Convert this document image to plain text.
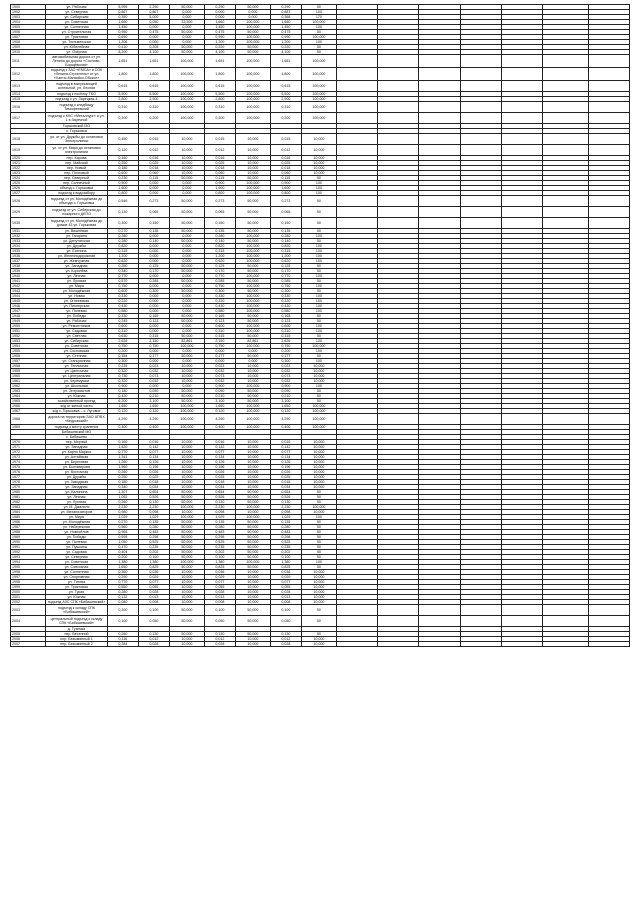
1900	ул. Рабочая	5,999	2,290	50,000	0,290	50,000	0,290	50							
1902	ул. Северная	0,867	0,867	0,000	0,000	0,000	0,887	100							
1903	ул. Сибирская	0,350	5,000	0,000	0,000	0,000	0,368	170							
1904	ул. Советская	1,660	0,050	33,300	1,660	100,000	1,660	100,000							
1905	ул. Солнечная	1,450	0,000	0,000	1,450	100,000	1,450	100							
1906	ул. Строительная	0,950	0,475	50,000	0,475	50,000	0,475	50							
1907	ул. Трактовая	0,690	0,000	0,000	0,990	100,000	0,990	100,000							
1908	ул. Тюльменская	1,206	0,000	0,000	1,200	100,000	1,200	100							
1909	ул. Юбилейная	0,410	0,205	50,000	0,220	50,000	0,220	50							
1910	ул. Озёрная	8,200	4,100	50,000	4,100	50,000	4,100	50							
1911	автомобильная дорога от ул. Ленина до дороги «Сосново-Борщёвская»	1,651	1,651	100,000	1,651	100,000	1,651	100,000							
1912	подъезд к ЗАО «ЕМСА» и СОК «Ленина-Строитель» от ул. «Ханты-Мансийск-Обское»	1,800	1,800	100,000	1,800	100,000	1,800	100,000							
1913	подъезд в выпускающей котельной, ул. Лесная	0,615	0,615	100,000	0,615	100,000	0,615	100,000							
1914	подъезд к посёлку ТБО	5,500	5,500	100,000	5,500	100,000	5,500	100,000							
1915	подъезд к ул. Зарецкая-4	2,800	2,900	100,000	2,800	100,000	2,900	100,000							
1916	подъезд к кладбищу Тимофеевский	0,310	0,310	100,000	0,310	100,000	0,310	100,000							
1917	подъезд к КНС «Металлург» и ул. 1 в Заречной	0,200	0,200	100,000	0,200	100,000	0,200	100,000							
	Горьковский МО														
	с. Горьковка														
1918	ул. от ул. Дружбы до остановки Электролинии	0,450	0,015	10,000	0,015	10,000	0,015	10,000							
1919	ул. от ул. Мира до остановки электролинии	0,120	0,012	10,000	0,012	10,000	0,012	10,000							
1920	пер. Кирова	0,160	0,016	10,000	0,016	10,000	0,016	10,000							
1921	пер. Майский	0,250	0,025	10,000	0,025	10,000	0,025	10,000							
1922	пер. Новый	0,180	0,018	10,000	0,018	10,000	0,018	10,000							
1923	пер. Почтовый	0,600	0,060	10,000	0,060	10,000	0,060	10,000							
1924	пер. Северный	0,230	0,115	50,000	0,115	50,000	0,115	50							
1925	пер. Солнечный	0,900	0,000	0,000	0,900	100,000	0,900	100							
1926	объезд с. Горьковка	1,600	0,000	0,000	1,600	100,000	1,600	100							
1927	подъезд к водозабору	0,800	0,000	0,000	0,800	100,000	0,800	100							
1928	подъезд от ул. Молодёжная до объезда с. Горьковка	0,546	0,273	50,000	0,273	50,000	0,273	50							
1929	подъезд от ул. Сибирская до пожарного ДЕПО	0,130	0,065	50,000	0,065	50,000	0,065	50							
1930	подъезд от ул. Молодёжная до домов 43 ул. Горьковая	0,300	0,150	50,000	0,150	50,000	0,150	50							
1931	ул. Вишнёвая	0,270	0,135	50,000	0,135	50,000	0,135	50							
1932	ул. Гагарина	0,280	0,000	0,000	0,280	100,000	0,280	100							
1933	ул. Депутатская	0,280	0,140	50,000	0,140	50,000	0,140	50							
1934	ул. Дружбы	0,820	0,000	0,000	0,820	100,000	0,820	100							
1935	ул. Есенина	0,315	0,000	0,000	0,315	100,000	0,315	100							
1936	ул. Железнодорожная	1,200	0,000	0,000	1,200	100,000	1,200	100							
1937	ул. Жемчужная	0,620	0,000	0,000	0,620	100,000	0,620	100							
1938	ул. Западная	0,250	0,125	50,000	0,125	50,000	0,125	50							
1939	ул. Королёва	0,340	0,170	50,000	0,170	50,000	0,170	50							
1940	ул. Лесная	0,770	0,000	0,000	0,770	100,000	0,770	100							
1941	ул. Луговая	0,570	0,285	50,000	0,285	50,000	0,285	50							
1942	ул. Мира	0,750	0,000	0,000	0,750	100,000	0,750	100							
1943	ул. Молодёжная	0,600	0,300	50,000	0,300	50,000	0,300	50							
1944	ул. Новая	0,330	0,000	0,000	0,330	100,000	0,330	100							
1945	ул. Огнеевская	0,220	0,000	0,000	0,220	100,000	0,220	100							
1946	ул. Пионерская	0,430	0,000	0,000	0,430	100,000	0,430	100							
1947	ул. Полевая	0,580	0,000	0,000	0,580	100,000	0,580	100							
1948	ул. Победы	0,330	0,165	50,000	0,165	50,000	0,165	50							
1949	ул. Рабочая	0,245	0,123	50,000	0,123	50,000	0,123	50							
1950	ул. Ремонтников	0,600	0,000	0,000	0,600	100,000	0,600	100							
1951	ул. Садовая	0,310	0,000	0,000	0,310	100,000	0,310	100							
1952	ул. Светлая	0,630	0,315	50,000	0,315	50,000	0,315	50							
1953	ул. Сибирская	2,626	2,150	82,861	2,150	82,861	2,626	100							
1954	ул. Советская	0,750	0,750	100,000	0,750	100,000	0,750	100,000							
1955	ул. Сосновская	0,200	0,000	0,000	0,000	0,000	0,200	100							
1956	ул. Степная	0,354	0,177	50,000	0,177	50,000	0,177	50							
1957	ул. Станционная	0,300	0,000	0,000	0,000	0,000	0,300	100							
1958	ул. Тепличная	0,225	0,023	10,000	0,023	10,000	0,023	10,000							
1959	ул. Цветочная	0,320	0,032	10,000	0,032	10,000	0,032	10,000							
1960	ул. Центральная	0,730	0,073	10,000	0,073	10,000	0,073	10,000							
1961	ул. Черёмушки	0,320	0,032	10,000	0,032	10,000	0,032	10,000							
1962	ул. Школьная	0,900	0,000	0,000	0,900	100,000	0,900	100							
1963	ул. Энтузиастов	0,180	0,090	50,000	0,090	50,000	0,090	50							
1964	ул. Южная	0,420	0,210	50,000	0,210	50,000	0,210	50							
1965	хозяйственный проезд	6,200	3,100	50,000	3,100	50,000	3,100	50							
1966	ж/д от жилой части	1,650	1,650	100,000	1,650	100,000	1,650	100,000							
1967	ж/д с. Горьковка – с. Луговое	0,120	0,120	100,000	0,120	100,000	0,120	100,000							
1968	дорога на территорию ЗАО АПФХ «Кедровский»	4,290	4,290	100,000	4,290	100,000	4,290	100,000							
1969	подъезд к месту хранения	0,400	0,400	100,000	0,400	100,000	0,400	100,000							
	Бибишевский МО														
	с. Бибишево														
1970	пер. Мирный	0,160	0,016	10,000	0,016	10,000	0,016	10,000							
1971	ул. Западная	1,420	0,142	10,000	0,142	10,000	0,142	10,000							
1972	ул. Карла Маркса	0,770	0,077	10,000	0,077	10,000	0,077	10,000							
1973	ул. Алтайская	1,341	0,134	10,000	0,134	10,000	0,134	10,000							
1974	ул. Береговая	1,260	0,126	10,000	0,126	10,000	0,126	10,000							
1975	ул. Бытимирова	1,960	0,196	10,000	0,196	10,000	0,196	10,000							
1976	ул. Восточная	0,260	0,026	10,000	0,026	10,000	0,026	10,000							
1977	ул. Дружбы	0,250	0,025	10,000	0,025	10,000	0,025	10,000							
1978	ул. Заводская	0,180	0,018	10,000	0,018	10,000	0,018	10,000							
1979	ул. Западная	0,340	0,034	10,000	0,034	10,000	0,034	10,000							
1980	ул. Калинина	1,307	0,654	50,000	0,654	50,000	0,654	50							
1981	ул. Лесная	1,052	0,526	50,000	0,526	50,000	0,526	50							
1982	ул. Луговая	0,260	0,130	50,000	0,130	50,000	0,130	50							
1983	ул. М. Джалиля	2,230	2,230	100,000	2,230	100,000	2,230	100,000							
1984	ул. Механизаторов	0,980	0,098	10,000	0,098	10,000	0,098	10,000							
1985	ул. Мира	1,029	1,029	100,000	1,029	100,000	1,029	100							
1986	ул. Молодёжная	0,270	0,135	50,000	0,135	50,000	0,135	50							
1987	ул. Набережная	0,560	0,280	50,000	0,280	50,000	0,280	50							
1988	ул. Новосёлов	0,965	0,483	50,000	0,483	50,000	0,483	50							
1989	ул. Победы	0,595	0,298	50,000	0,298	50,000	0,298	50							
1990	ул. Полевая	1,050	0,525	50,000	0,525	50,000	0,525	50							
1991	ул. Пушкина	0,470	0,235	50,000	0,235	50,000	0,235	50							
1992	ул. Садовая	0,404	0,202	50,000	0,202	50,000	0,202	50							
1993	ул. Северная	0,200	0,100	50,000	0,100	50,000	0,100	50							
1994	ул. Советская	1,380	1,380	100,000	1,380	100,000	1,380	100							
1995	ул. Совхозная	1,650	0,825	50,000	0,825	50,000	0,825	50							
1996	ул. Солнечная	0,360	0,036	10,000	0,036	10,000	0,036	10,000							
1997	ул. Спортивная	0,290	0,029	10,000	0,029	10,000	0,029	10,000							
1998	ул. Титова	0,770	0,077	10,000	0,077	10,000	0,077	10,000							
1999	ул. Трактовая	0,550	0,055	10,000	0,055	10,000	0,055	10,000							
2000	ул. Тукая	0,280	0,028	10,000	0,028	10,000	0,028	10,000							
2001	ул. Южная	0,132	0,013	10,000	0,013	10,000	0,013	10,000							
2002	подъезд АЗС СПК «Бибишевский»	0,080	0,008	10,000	0,008	10,000	0,008	10,000							
2003	подъезд к складу СПК «Бибишевский»	0,200	0,100	50,000	0,100	50,000	0,100	50							
2004	центральный подъезд к складу СПК «Бибишевский»	0,100	0,050	50,000	0,050	50,000	0,050	50							
	д. Туземка														
2005	пер. Весенний	0,260	0,130	50,000	0,130	50,000	0,130	50							
2006	пер. Безымянный 1	0,116	0,012	10,000	0,012	10,000	0,012	10,000							
2007	пер. Безымянный 2	0,284	0,028	10,000	0,028	10,000	0,028	10,000							
